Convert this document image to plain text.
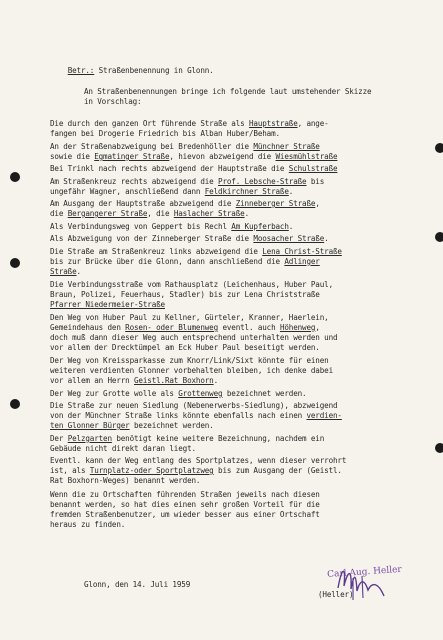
Betr.: Straßenbenennung in Glonn.

An Straßenbenennungen bringe ich folgende laut umstehender Skizze
in Vorschlag:
Die durch den ganzen Ort führende Straße als Hauptstraße, ange-
fangen bei Drogerie Friedrich bis Alban Huber/Beham.
An der Straßenabzweigung bei Bredenhöller die Münchner Straße
sowie die Egmatinger Straße, hievon abzweigend die Wiesmühlstraße
Bei Trinkl nach rechts abzweigend der Hauptstraße die Schulstraße
Am Straßenkreuz rechts abzweigend die Prof. Lebsche-Straße bis
ungefähr Wagner, anschließend dann Feldkirchner Straße.
Am Ausgang der Hauptstraße abzweigend die Zinneberger Straße,
die Bergangerer Straße, die Haslacher Straße.
Als Verbindungsweg von Geppert bis Rechl Am Kupferbach.
Als Abzweigung von der Zinneberger Straße die Moosacher Straße.
Die Straße am Straßenkreuz links abzweigend die Lena Christ-Straße
bis zur Brücke über die Glonn, dann anschließend die Adlinger
Straße.
Die Verbindungsstraße vom Rathausplatz (Leichenhaus, Huber Paul,
Braun, Polizei, Feuerhaus, Stadler) bis zur Lena Christstraße
Pfarrer Niedermeier-Straße
Den Weg von Huber Paul zu Kellner, Gürteler, Kranner, Haerlein,
Gemeindehaus den Rosen- oder Blumenweg eventl. auch Höhenweg,
doch muß dann dieser Weg auch entsprechend unterhalten werden und
vor allem der Drecktümpel am Eck Huber Paul beseitigt werden.
Der Weg von Kreissparkasse zum Knorr/Link/Sixt könnte für einen
weiteren verdienten Glonner vorbehalten bleiben, ich denke dabei
vor allem an Herrn Geistl.Rat Boxhorn.
Der Weg zur Grotte wolle als Grottenweg bezeichnet werden.
Die Straße zur neuen Siedlung (Nebenerwerbs-Siedlung), abzweigend
von der Münchner Straße links könnte ebenfalls nach einen verdien-
ten Glonner Bürger bezeichnet werden.
Der Pelzgarten benötigt keine weitere Bezeichnung, nachdem ein
Gebäude nicht direkt daran liegt.
Eventl. kann der Weg entlang des Sportplatzes, wenn dieser verrohrt
ist, als Turnplatz-oder Sportplatzweg bis zum Ausgang der (Geistl.
Rat Boxhorn-Weges) benannt werden.
Wenn die zu Ortschaften führenden Straßen jeweils nach diesen
benannt werden, so hat dies einen sehr großen Vorteil für die
fremden Straßenbenutzer, um wieder besser aus einer Ortschaft
heraus zu finden.
Glonn, den 14. Juli 1959

Carl Aug. Heller

(Heller)
